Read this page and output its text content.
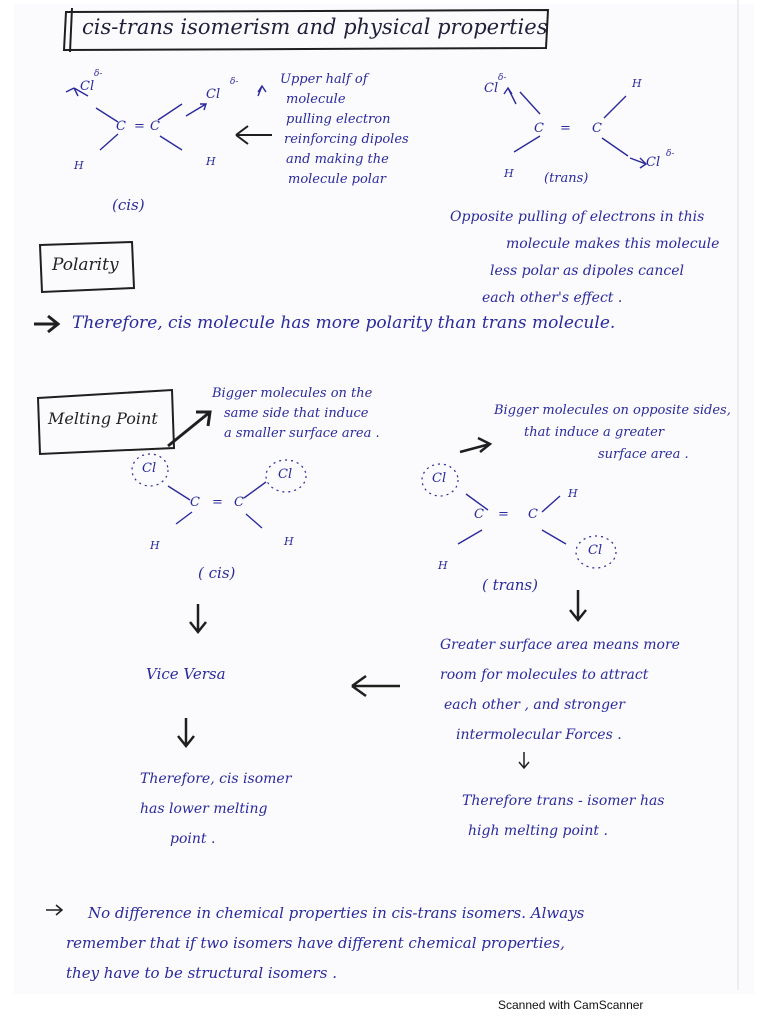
cis-trans isomerism and physical properties
Cl
δ-
Cl
δ-
C = C
H	H
(cis)
Upper half of
molecule
pulling electron
reinforcing dipoles
and making the
molecule polar
Cl
δ-	H
C = C
H
Cl
δ-
(trans)
Opposite pulling of electrons in this
molecule makes this molecule
less polar as dipoles cancel
each other's effect .
Polarity
Therefore, cis molecule has more polarity than trans molecule.
Melting Point
Bigger molecules on the
same side that induce
a smaller surface area .
Cl	Cl
C = C
H	H
( cis)
Bigger molecules on opposite sides,
that induce a greater
surface area .
Cl
H
C = C
H
Cl
( trans)
Vice Versa
Therefore, cis isomer
has lower melting
point .
Greater surface area means more
room for molecules to attract
each other , and stronger
intermolecular Forces .
Therefore trans - isomer has
high melting point .
No difference in chemical properties in cis-trans isomers. Always
remember that if two isomers have different chemical properties,
they have to be structural isomers .
Scanned with CamScanner
